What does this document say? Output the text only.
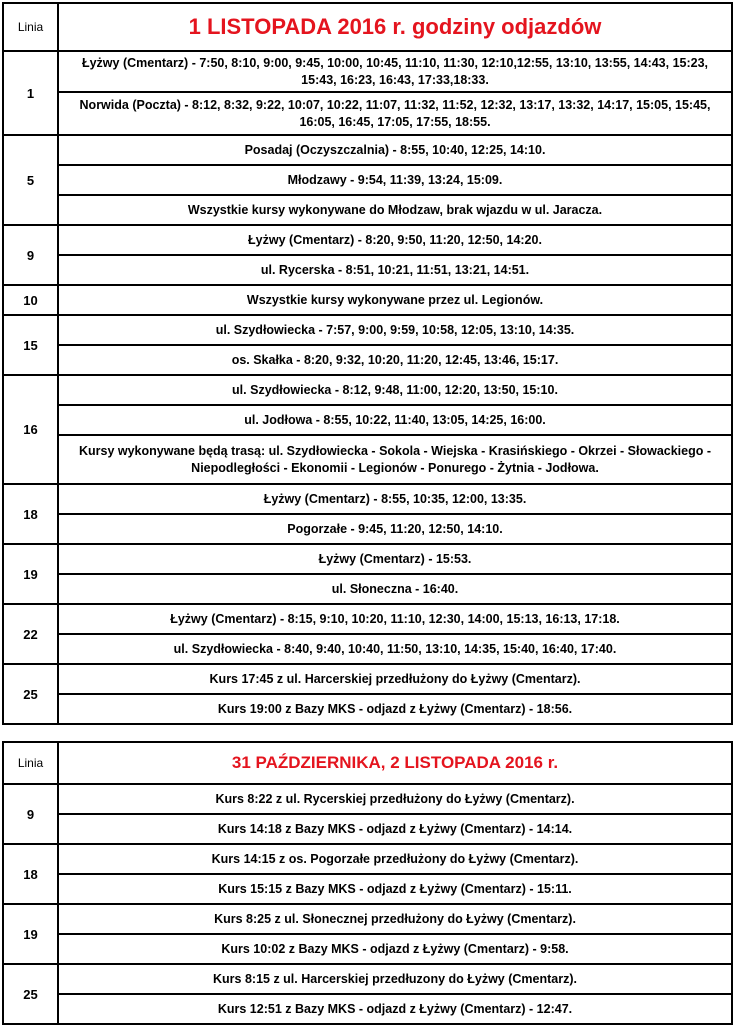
Linia	1 LISTOPADA 2016 r. godziny odjazdów
1	Łyżwy (Cmentarz) - 7:50, 8:10, 9:00, 9:45, 10:00, 10:45, 11:10, 11:30, 12:10,12:55, 13:10, 13:55, 14:43, 15:23, 15:43, 16:23, 16:43, 17:33,18:33.
	Norwida (Poczta) - 8:12, 8:32, 9:22, 10:07, 10:22, 11:07, 11:32, 11:52, 12:32, 13:17, 13:32, 14:17, 15:05, 15:45, 16:05, 16:45, 17:05, 17:55, 18:55.
5	Posadaj (Oczyszczalnia) - 8:55, 10:40, 12:25, 14:10.
	Młodzawy - 9:54, 11:39, 13:24, 15:09.
	Wszystkie kursy wykonywane do Młodzaw, brak wjazdu w ul. Jaracza.
9	Łyżwy (Cmentarz) - 8:20, 9:50, 11:20, 12:50, 14:20.
	ul. Rycerska - 8:51, 10:21, 11:51, 13:21, 14:51.
10	Wszystkie kursy wykonywane przez ul. Legionów.
15	ul. Szydłowiecka - 7:57, 9:00, 9:59, 10:58, 12:05, 13:10, 14:35.
	os. Skałka - 8:20, 9:32, 10:20, 11:20, 12:45, 13:46, 15:17.
16	ul. Szydłowiecka - 8:12, 9:48, 11:00, 12:20, 13:50, 15:10.
	ul. Jodłowa - 8:55, 10:22, 11:40, 13:05, 14:25, 16:00.
	Kursy wykonywane będą trasą: ul. Szydłowiecka - Sokola - Wiejska - Krasińskiego - Okrzei - Słowackiego - Niepodległości - Ekonomii - Legionów - Ponurego - Żytnia - Jodłowa.
18	Łyżwy (Cmentarz) - 8:55, 10:35, 12:00, 13:35.
	Pogorzałe - 9:45, 11:20, 12:50, 14:10.
19	Łyżwy (Cmentarz) - 15:53.
	ul. Słoneczna - 16:40.
22	Łyżwy (Cmentarz) - 8:15, 9:10, 10:20, 11:10, 12:30, 14:00, 15:13, 16:13, 17:18.
	ul. Szydłowiecka - 8:40, 9:40, 10:40, 11:50, 13:10, 14:35, 15:40, 16:40, 17:40.
25	Kurs 17:45 z ul. Harcerskiej przedłużony do Łyżwy (Cmentarz).
	Kurs 19:00 z Bazy MKS - odjazd z Łyżwy (Cmentarz) - 18:56.
Linia	31 PAŹDZIERNIKA, 2 LISTOPADA 2016 r.
9	Kurs 8:22 z ul. Rycerskiej przedłużony do Łyżwy (Cmentarz).
	Kurs 14:18 z Bazy MKS - odjazd z Łyżwy (Cmentarz) - 14:14.
18	Kurs 14:15 z os. Pogorzałe przedłużony do Łyżwy (Cmentarz).
	Kurs 15:15 z Bazy MKS - odjazd z Łyżwy (Cmentarz) - 15:11.
19	Kurs 8:25 z ul. Słonecznej przedłużony do Łyżwy (Cmentarz).
	Kurs 10:02 z Bazy MKS - odjazd z Łyżwy (Cmentarz) - 9:58.
25	Kurs 8:15 z ul. Harcerskiej przedłuzony do Łyżwy (Cmentarz).
	Kurs 12:51 z Bazy MKS - odjazd z Łyżwy (Cmentarz) - 12:47.
